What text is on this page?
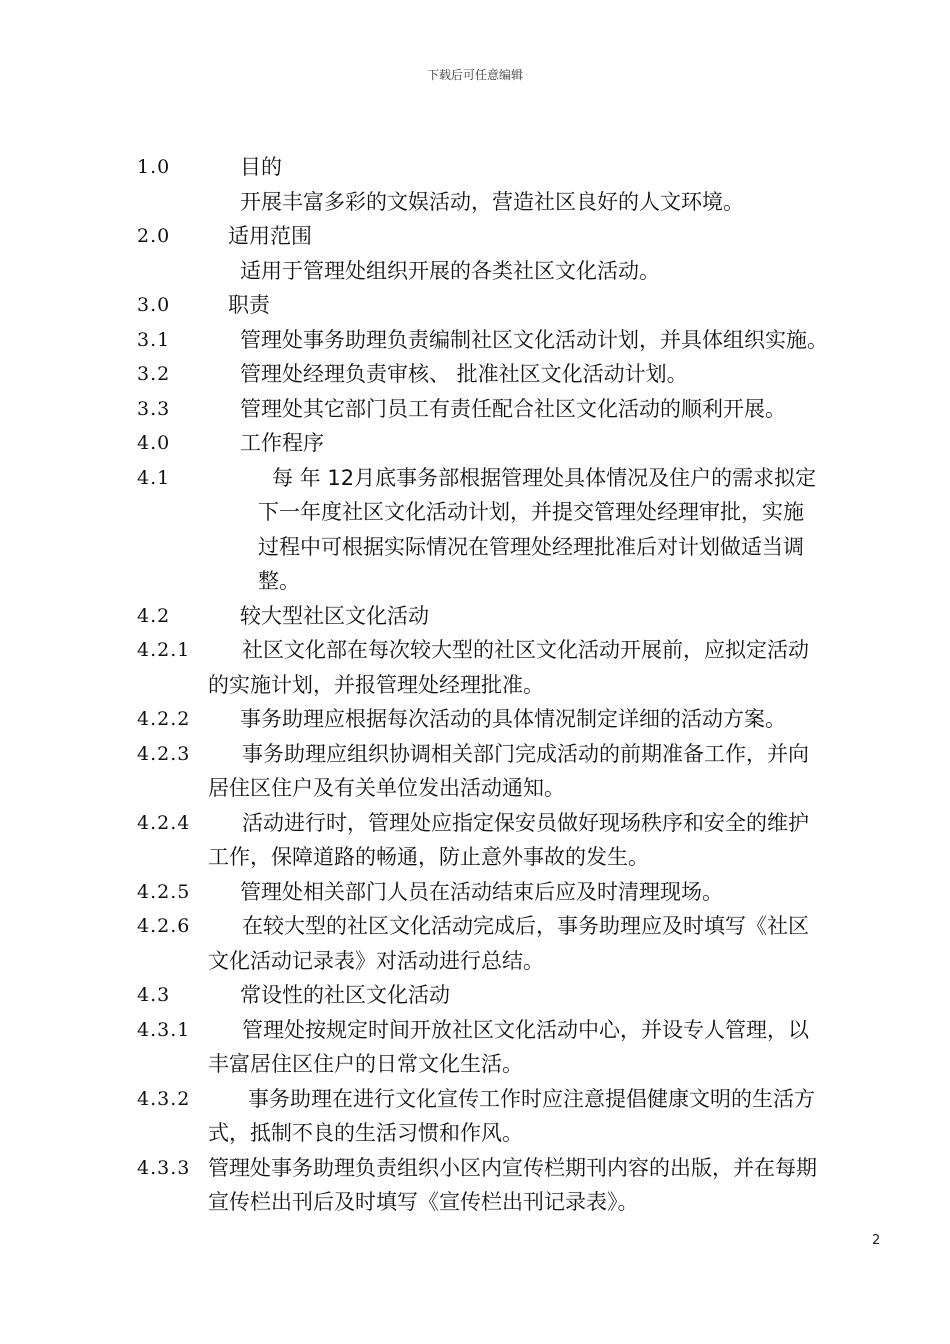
下载后可任意编辑
1.0	目的
开展丰富多彩的文娱活动，营造社区良好的人文环境。
2.0	适用范围
适用于管理处组织开展的各类社区文化活动。
3.0	职责
3.1	管理处事务助理负责编制社区文化活动计划，并具体组织实施。
3.2	管理处经理负责审核、 批准社区文化活动计划。
3.3	管理处其它部门员工有责任配合社区文化活动的顺利开展。
4.0	工作程序
4.1	每 年 12月底事务部根据管理处具体情况及住户的需求拟定
下一年度社区文化活动计划，并提交管理处经理审批，实施
过程中可根据实际情况在管理处经理批准后对计划做适当调
整。
4.2	较大型社区文化活动
4.2.1 社区文化部在每次较大型的社区文化活动开展前，应拟定活动
的实施计划，并报管理处经理批准。
4.2.2 事务助理应根据每次活动的具体情况制定详细的活动方案。
4.2.3 事务助理应组织协调相关部门完成活动的前期准备工作，并向
居住区住户及有关单位发出活动通知。
4.2.4 活动进行时，管理处应指定保安员做好现场秩序和安全的维护
工作，保障道路的畅通，防止意外事故的发生。
4.2.5 管理处相关部门人员在活动结束后应及时清理现场。
4.2.6 在较大型的社区文化活动完成后，事务助理应及时填写《社区
文化活动记录表》对活动进行总结。
4.3	常设性的社区文化活动
4.3.1 管理处按规定时间开放社区文化活动中心，并设专人管理，以
丰富居住区住户的日常文化生活。
4.3.2	事务助理在进行文化宣传工作时应注意提倡健康文明的生活方
式，抵制不良的生活习惯和作风。
4.3.3 管理处事务助理负责组织小区内宣传栏期刊内容的出版，并在每期
宣传栏出刊后及时填写《宣传栏出刊记录表》。
2
